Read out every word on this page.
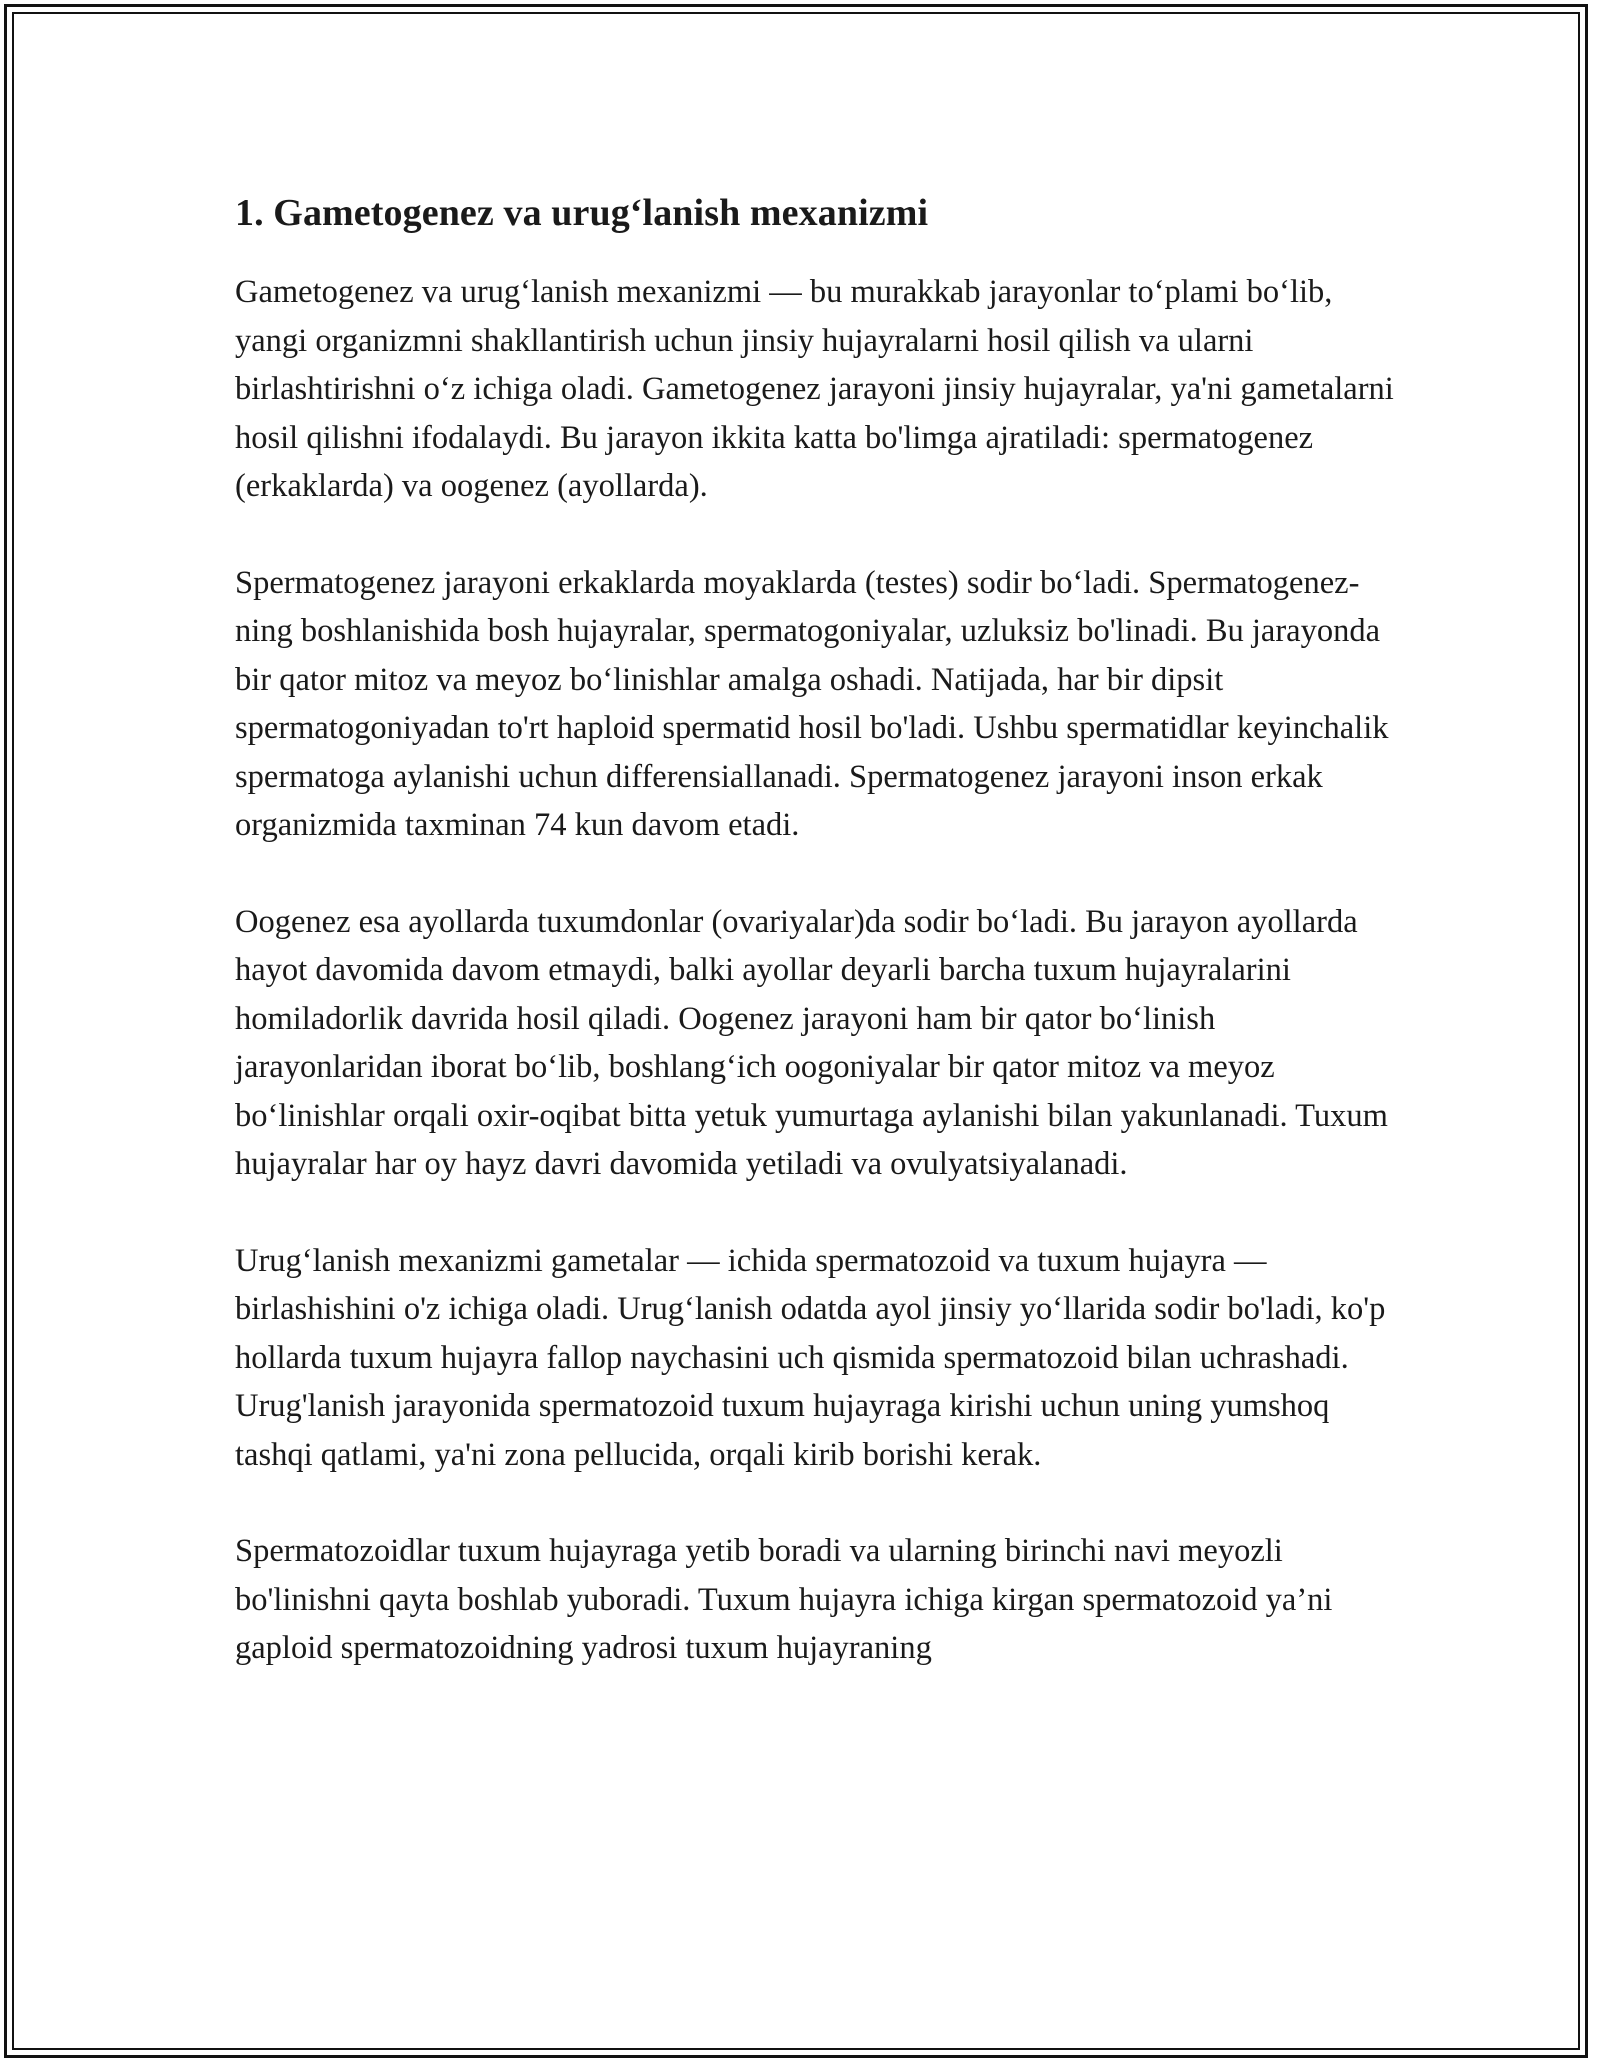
1. Gametogenez va urug‘lanish mexanizmi

Gametogenez va urug‘lanish mexanizmi — bu murakkab jarayonlar to‘plami bo‘lib, yangi organizmni shakllantirish uchun jinsiy hujayralarni hosil qilish va ularni birlashtirishni o‘z ichiga oladi. Gametogenez jarayoni jinsiy hujayralar, ya'ni gametalarni hosil qilishni ifodalaydi. Bu jarayon ikkita katta bo'limga ajratiladi: spermatogenez (erkaklarda) va oogenez (ayollarda).

Spermatogenez jarayoni erkaklarda moyaklarda (testes) sodir bo‘ladi. Spermatogenez-ning boshlanishida bosh hujayralar, spermatogoniyalar, uzluksiz bo'linadi. Bu jarayonda bir qator mitoz va meyoz bo‘linishlar amalga oshadi. Natijada, har bir dipsit spermatogoniyadan to'rt haploid spermatid hosil bo'ladi. Ushbu spermatidlar keyinchalik spermatoga aylanishi uchun differensiallanadi. Spermatogenez jarayoni inson erkak organizmida taxminan 74 kun davom etadi.

Oogenez esa ayollarda tuxumdonlar (ovariyalar)da sodir bo‘ladi. Bu jarayon ayollarda hayot davomida davom etmaydi, balki ayollar deyarli barcha tuxum hujayralarini homiladorlik davrida hosil qiladi. Oogenez jarayoni ham bir qator bo‘linish jarayonlaridan iborat bo‘lib, boshlang‘ich oogoniyalar bir qator mitoz va meyoz bo‘linishlar orqali oxir-oqibat bitta yetuk yumurtaga aylanishi bilan yakunlanadi. Tuxum hujayralar har oy hayz davri davomida yetiladi va ovulyatsiyalanadi.

Urug‘lanish mexanizmi gametalar — ichida spermatozoid va tuxum hujayra — birlashishini o'z ichiga oladi. Urug‘lanish odatda ayol jinsiy yo‘llarida sodir bo'ladi, ko'p hollarda tuxum hujayra fallop naychasini uch qismida spermatozoid bilan uchrashadi. Urug'lanish jarayonida spermatozoid tuxum hujayraga kirishi uchun uning yumshoq tashqi qatlami, ya'ni zona pellucida, orqali kirib borishi kerak.

Spermatozoidlar tuxum hujayraga yetib boradi va ularning birinchi navi meyozli bo'linishni qayta boshlab yuboradi. Tuxum hujayra ichiga kirgan spermatozoid ya’ni gaploid spermatozoidning yadrosi tuxum hujayraning
